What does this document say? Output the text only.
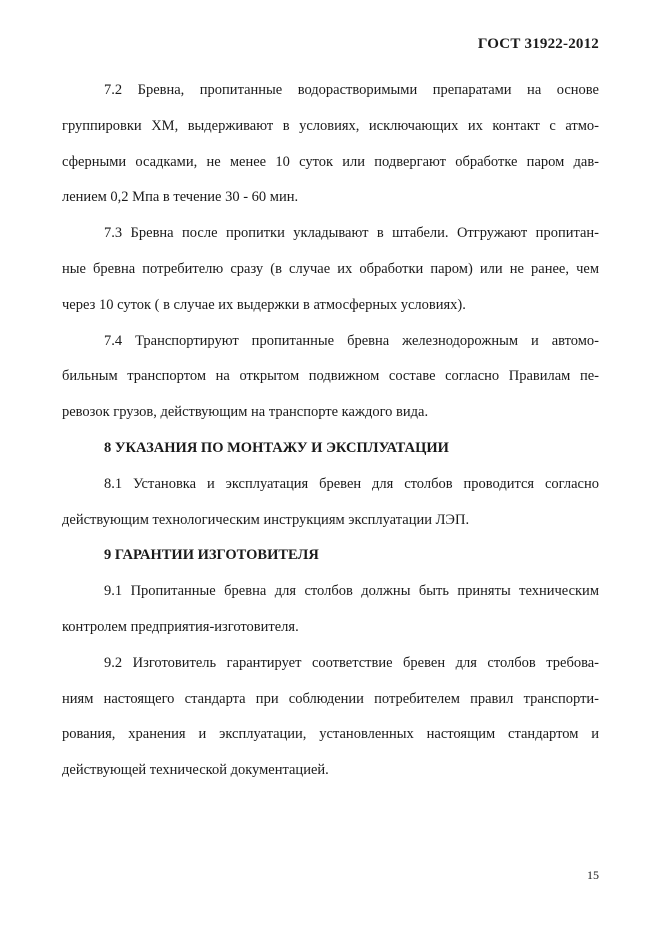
ГОСТ 31922-2012
7.2 Бревна, пропитанные водорастворимыми препаратами на основе
группировки ХМ, выдерживают в условиях, исключающих их контакт с атмо-
сферными осадками, не менее 10 суток или подвергают обработке паром дав-
лением 0,2 Мпа в течение 30 - 60 мин.
7.3 Бревна после пропитки укладывают в штабели. Отгружают пропитан-
ные бревна потребителю сразу (в случае их обработки паром) или не ранее, чем
через 10 суток ( в случае их выдержки в атмосферных условиях).
7.4 Транспортируют пропитанные бревна железнодорожным и автомо-
бильным транспортом на открытом подвижном составе согласно Правилам пе-
ревозок грузов, действующим на транспорте каждого вида.
8 УКАЗАНИЯ ПО МОНТАЖУ И ЭКСПЛУАТАЦИИ
8.1 Установка и эксплуатация бревен для столбов проводится согласно
действующим технологическим инструкциям эксплуатации ЛЭП.
9 ГАРАНТИИ ИЗГОТОВИТЕЛЯ
9.1 Пропитанные бревна для столбов должны быть приняты техническим
контролем предприятия-изготовителя.
9.2 Изготовитель гарантирует соответствие бревен для столбов требова-
ниям настоящего стандарта при соблюдении потребителем правил транспорти-
рования, хранения и эксплуатации, установленных настоящим стандартом и
действующей технической документацией.
15
